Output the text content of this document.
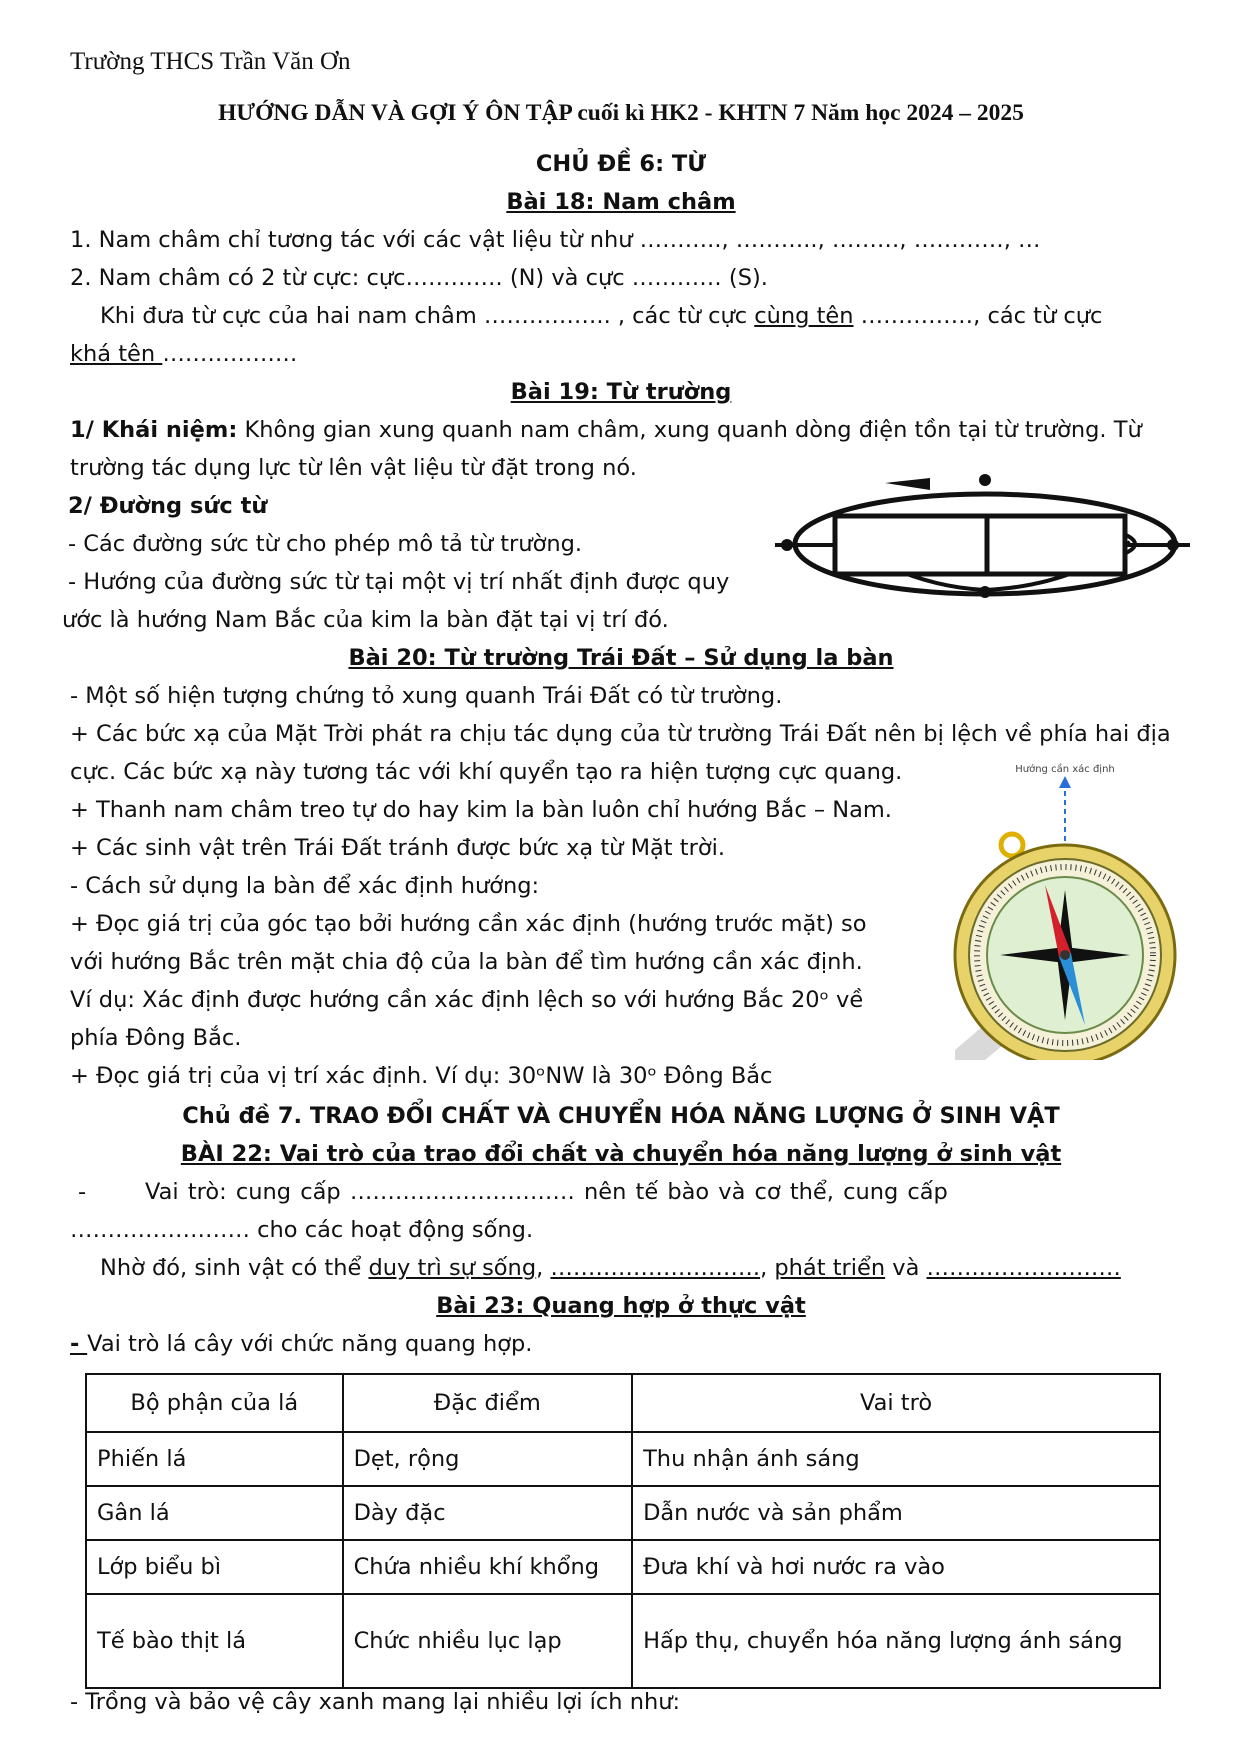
Trường THCS Trần Văn Ơn
HƯỚNG DẪN VÀ GỢI Ý ÔN TẬP cuối kì HK2 - KHTN 7 Năm học 2024 – 2025
CHỦ ĐỀ 6: TỪ
Bài 18: Nam châm
1. Nam châm chỉ tương tác với các vật liệu từ như ……….., ……….., ………, …………, …
2. Nam châm có 2 từ cực: cực…………. (N) và cực ………… (S).
Khi đưa từ cực của hai nam châm …………….. , các từ cực cùng tên ……………, các từ cực
khá tên ………………
Bài 19: Từ trường
1/ Khái niệm: Không gian xung quanh nam châm, xung quanh dòng điện tồn tại từ trường. Từ
trường tác dụng lực từ lên vật liệu từ đặt trong nó.
2/ Đường sức từ
- Các đường sức từ cho phép mô tả từ trường.
- Hướng của đường sức từ tại một vị trí nhất định được quy
ước là hướng Nam Bắc của kim la bàn đặt tại vị trí đó.
Bài 20: Từ trường Trái Đất – Sử dụng la bàn
- Một số hiện tượng chứng tỏ xung quanh Trái Đất có từ trường.
+ Các bức xạ của Mặt Trời phát ra chịu tác dụng của từ trường Trái Đất nên bị lệch về phía hai địa
cực. Các bức xạ này tương tác với khí quyển tạo ra hiện tượng cực quang.
+ Thanh nam châm treo tự do hay kim la bàn luôn chỉ hướng Bắc – Nam.
+ Các sinh vật trên Trái Đất tránh được bức xạ từ Mặt trời.
- Cách sử dụng la bàn để xác định hướng:
+ Đọc giá trị của góc tạo bởi hướng cần xác định (hướng trước mặt) so
với hướng Bắc trên mặt chia độ của la bàn để tìm hướng cần xác định.
Ví dụ: Xác định được hướng cần xác định lệch so với hướng Bắc 20ᵒ về
phía Đông Bắc.
+ Đọc giá trị của vị trí xác định. Ví dụ: 30ᵒNW là 30ᵒ Đông Bắc
Hướng cần xác định
Chủ đề 7. TRAO ĐỔI CHẤT VÀ CHUYỂN HÓA NĂNG LƯỢNG Ở SINH VẬT
BÀI 22: Vai trò của trao đổi chất và chuyển hóa năng lượng ở sinh vật
-	Vai trò: cung cấp ………………………… nên tế bào và cơ thể, cung cấp
…………………… cho các hoạt động sống.
Nhờ đó, sinh vật có thể duy trì sự sống, ………………………., phát triển và ……..………………
Bài 23: Quang hợp ở thực vật
- Vai trò lá cây với chức năng quang hợp.
Bộ phận của lá	Đặc điểm	Vai trò
Phiến lá	Dẹt, rộng	Thu nhận ánh sáng
Gân lá	Dày đặc	Dẫn nước và sản phẩm
Lớp biểu bì	Chứa nhiều khí khổng	Đưa khí và hơi nước ra vào
Tế bào thịt lá	Chức nhiều lục lạp	Hấp thụ, chuyển hóa năng lượng ánh sáng
- Trồng và bảo vệ cây xanh mang lại nhiều lợi ích như:
